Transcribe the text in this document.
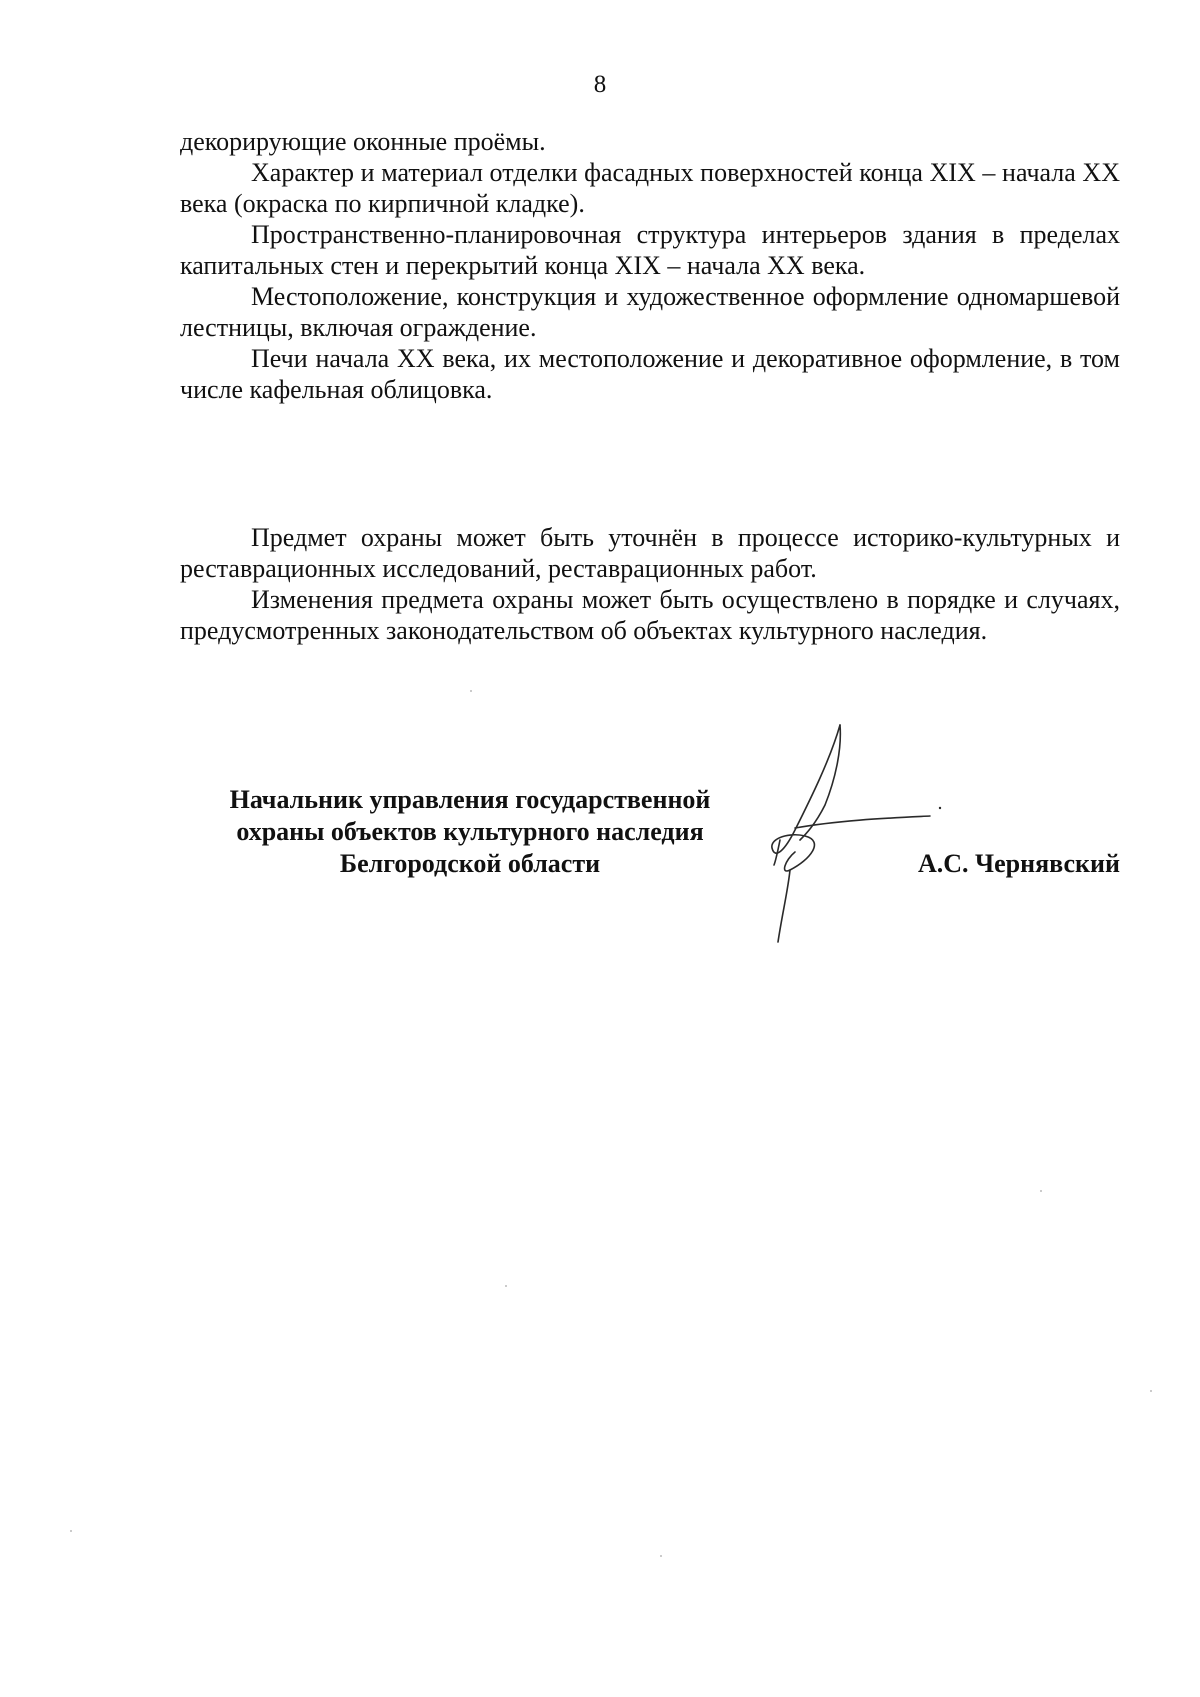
8

декорирующие оконные проёмы.

Характер и материал отделки фасадных поверхностей конца XIX – начала XX века (окраска по кирпичной кладке).

Пространственно-планировочная структура интерьеров здания в пределах капитальных стен и перекрытий конца XIX – начала XX века.

Местоположение, конструкция и художественное оформление одномаршевой лестницы, включая ограждение.

Печи начала XX века, их местоположение и декоративное оформление, в том числе кафельная облицовка.

Предмет охраны может быть уточнён в процессе историко-культурных и реставрационных исследований, реставрационных работ.

Изменения предмета охраны может быть осуществлено в порядке и случаях, предусмотренных законодательством об объектах культурного наследия.

Начальник управления государственной
охраны объектов культурного наследия
Белгородской области	А.С. Чернявский
